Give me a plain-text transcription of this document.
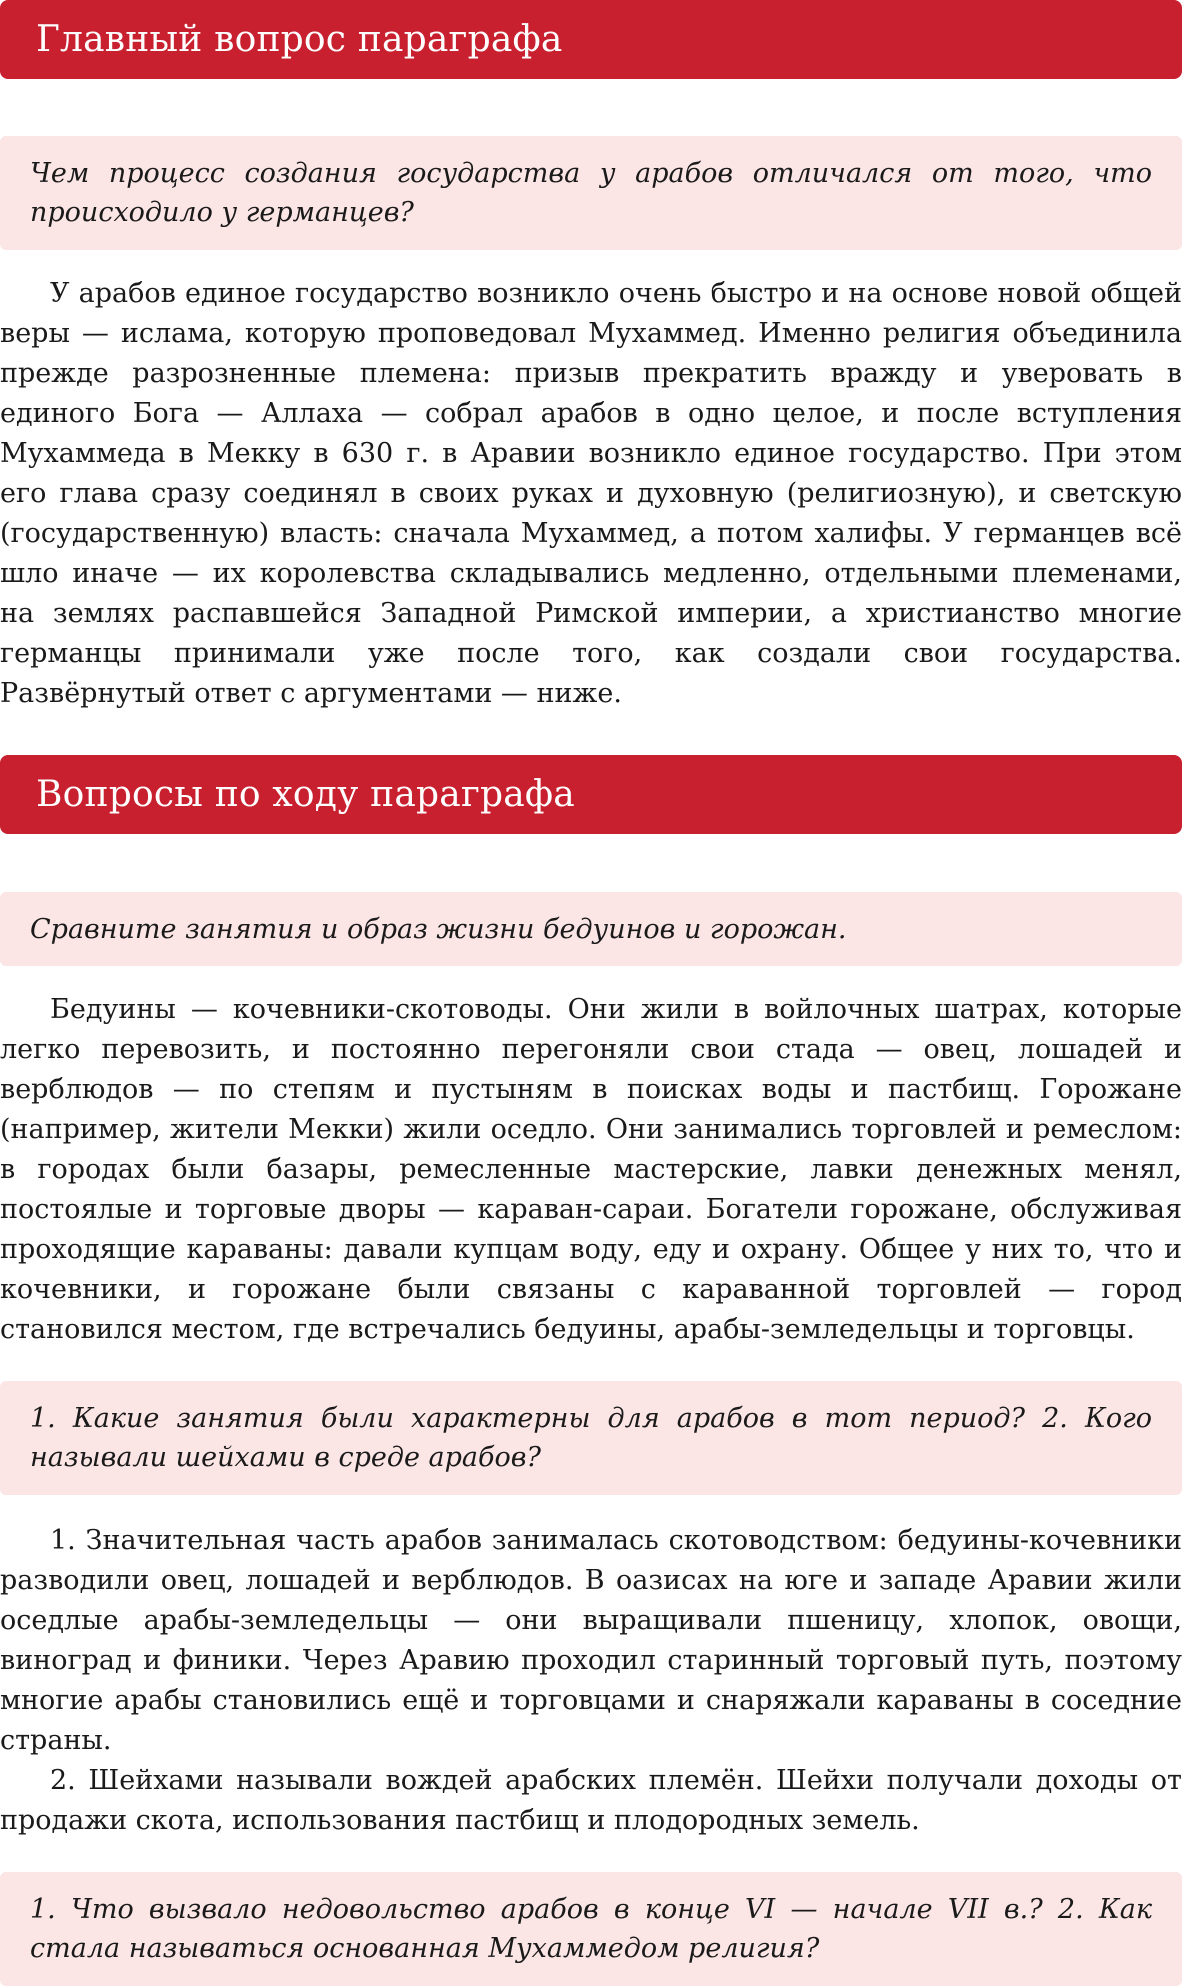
Главный вопрос параграфа

Чем процесс создания государства у арабов отличался от того, что происходило у германцев?

У арабов единое государство возникло очень быстро и на основе новой общей веры — ислама, которую проповедовал Мухаммед. Именно религия объединила прежде разрозненные племена: призыв прекратить вражду и уверовать в единого Бога — Аллаха — собрал арабов в одно целое, и после вступления Мухаммеда в Мекку в 630 г. в Аравии возникло единое государство. При этом его глава сразу соединял в своих руках и духовную (религиозную), и светскую (государственную) власть: сначала Мухаммед, а потом халифы. У германцев всё шло иначе — их королевства складывались медленно, отдельными племенами, на землях распавшейся Западной Римской империи, а христианство многие германцы принимали уже после того, как создали свои государства. Развёрнутый ответ с аргументами — ниже.

Вопросы по ходу параграфа

Сравните занятия и образ жизни бедуинов и горожан.

Бедуины — кочевники-скотоводы. Они жили в войлочных шатрах, которые легко перевозить, и постоянно перегоняли свои стада — овец, лошадей и верблюдов — по степям и пустыням в поисках воды и пастбищ. Горожане (например, жители Мекки) жили оседло. Они занимались торговлей и ремеслом: в городах были базары, ремесленные мастерские, лавки денежных менял, постоялые и торговые дворы — караван-сараи. Богатели горожане, обслуживая проходящие караваны: давали купцам воду, еду и охрану. Общее у них то, что и кочевники, и горожане были связаны с караванной торговлей — город становился местом, где встречались бедуины, арабы-земледельцы и торговцы.

1. Какие занятия были характерны для арабов в тот период? 2. Кого называли шейхами в среде арабов?

1. Значительная часть арабов занималась скотоводством: бедуины-кочевники разводили овец, лошадей и верблюдов. В оазисах на юге и западе Аравии жили оседлые арабы-земледельцы — они выращивали пшеницу, хлопок, овощи, виноград и финики. Через Аравию проходил старинный торговый путь, поэтому многие арабы становились ещё и торговцами и снаряжали караваны в соседние страны.

2. Шейхами называли вождей арабских племён. Шейхи получали доходы от продажи скота, использования пастбищ и плодородных земель.

1. Что вызвало недовольство арабов в конце VI — начале VII в.? 2. Как стала называться основанная Мухаммедом религия?
